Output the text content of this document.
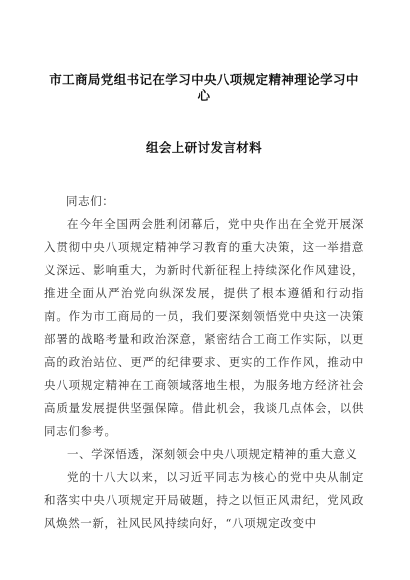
市工商局党组书记在学习中央八项规定精神理论学习中心
组会上研讨发言材料

同志们：

在今年全国两会胜利闭幕后，党中央作出在全党开展深入贯彻中央八项规定精神学习教育的重大决策，这一举措意义深远、影响重大，为新时代新征程上持续深化作风建设，推进全面从严治党向纵深发展，提供了根本遵循和行动指南。作为市工商局的一员，我们要深刻领悟党中央这一决策部署的战略考量和政治深意，紧密结合工商工作实际，以更高的政治站位、更严的纪律要求、更实的工作作风，推动中央八项规定精神在工商领域落地生根，为服务地方经济社会高质量发展提供坚强保障。借此机会，我谈几点体会，以供同志们参考。

一、学深悟透，深刻领会中央八项规定精神的重大意义

党的十八大以来，以习近平同志为核心的党中央从制定和落实中央八项规定开局破题，持之以恒正风肃纪，党风政风焕然一新，社风民风持续向好，“八项规定改变中
